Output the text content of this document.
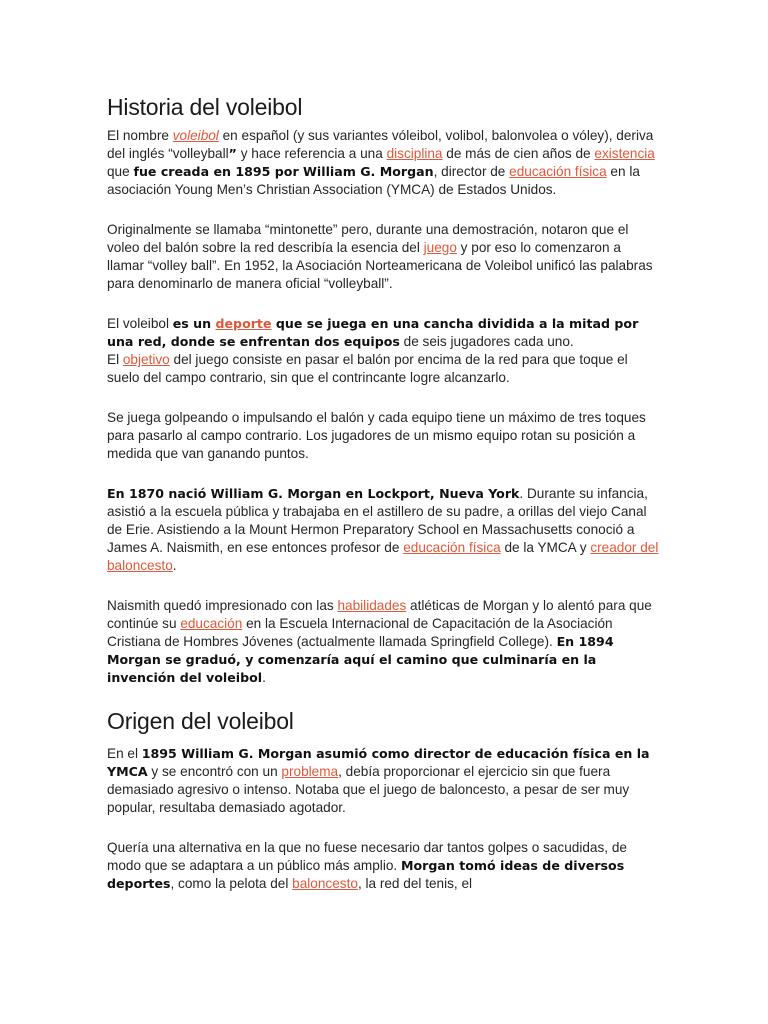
Historia del voleibol

El nombre voleibol en español (y sus variantes vóleibol, volibol, balonvolea o vóley), deriva del inglés “volleyball” y hace referencia a una disciplina de más de cien años de existencia que fue creada en 1895 por William G. Morgan, director de educación física en la asociación Young Men’s Christian Association (YMCA) de Estados Unidos.

Originalmente se llamaba “mintonette” pero, durante una demostración, notaron que el voleo del balón sobre la red describía la esencia del juego y por eso lo comenzaron a llamar “volley ball”. En 1952, la Asociación Norteamericana de Voleibol unificó las palabras para denominarlo de manera oficial “volleyball”.

El voleibol es un deporte que se juega en una cancha dividida a la mitad por una red, donde se enfrentan dos equipos de seis jugadores cada uno.
El objetivo del juego consiste en pasar el balón por encima de la red para que toque el suelo del campo contrario, sin que el contrincante logre alcanzarlo.

Se juega golpeando o impulsando el balón y cada equipo tiene un máximo de tres toques para pasarlo al campo contrario. Los jugadores de un mismo equipo rotan su posición a medida que van ganando puntos.

En 1870 nació William G. Morgan en Lockport, Nueva York. Durante su infancia, asistió a la escuela pública y trabajaba en el astillero de su padre, a orillas del viejo Canal de Erie. Asistiendo a la Mount Hermon Preparatory School en Massachusetts conoció a James A. Naismith, en ese entonces profesor de educación física de la YMCA y creador del baloncesto.

Naismith quedó impresionado con las habilidades atléticas de Morgan y lo alentó para que continúe su educación en la Escuela Internacional de Capacitación de la Asociación Cristiana de Hombres Jóvenes (actualmente llamada Springfield College). En 1894 Morgan se graduó, y comenzaría aquí el camino que culminaría en la invención del voleibol.

Origen del voleibol

En el 1895 William G. Morgan asumió como director de educación física en la YMCA y se encontró con un problema, debía proporcionar el ejercicio sin que fuera demasiado agresivo o intenso. Notaba que el juego de baloncesto, a pesar de ser muy popular, resultaba demasiado agotador.

Quería una alternativa en la que no fuese necesario dar tantos golpes o sacudidas, de modo que se adaptara a un público más amplio. Morgan tomó ideas de diversos deportes, como la pelota del baloncesto, la red del tenis, el
